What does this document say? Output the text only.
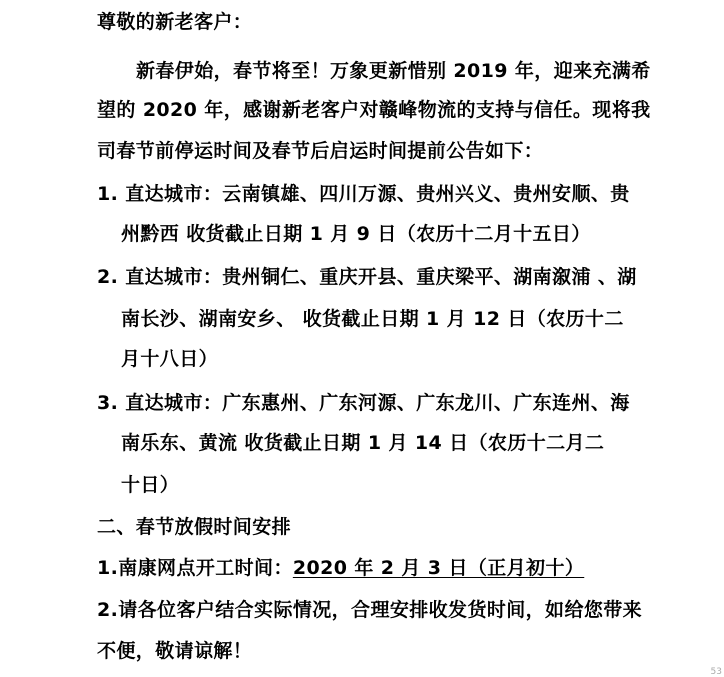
尊敬的新老客户：
新春伊始，春节将至！万象更新惜别 2019 年，迎来充满希
望的 2020 年，感谢新老客户对赣峰物流的支持与信任。现将我
司春节前停运时间及春节后启运时间提前公告如下：
1. 直达城市：云南镇雄、四川万源、贵州兴义、贵州安顺、贵
州黔西 收货截止日期 1 月 9 日（农历十二月十五日）
2. 直达城市：贵州铜仁、重庆开县、重庆梁平、湖南溆浦 、湖
南长沙、湖南安乡、 收货截止日期 1 月 12 日（农历十二
月十八日）
3. 直达城市：广东惠州、广东河源、广东龙川、广东连州、海
南乐东、黄流 收货截止日期 1 月 14 日（农历十二月二
十日）
二、春节放假时间安排
1.南康网点开工时间：2020 年 2 月 3 日（正月初十）
2.请各位客户结合实际情况，合理安排收发货时间，如给您带来
不便，敬请谅解！
53
